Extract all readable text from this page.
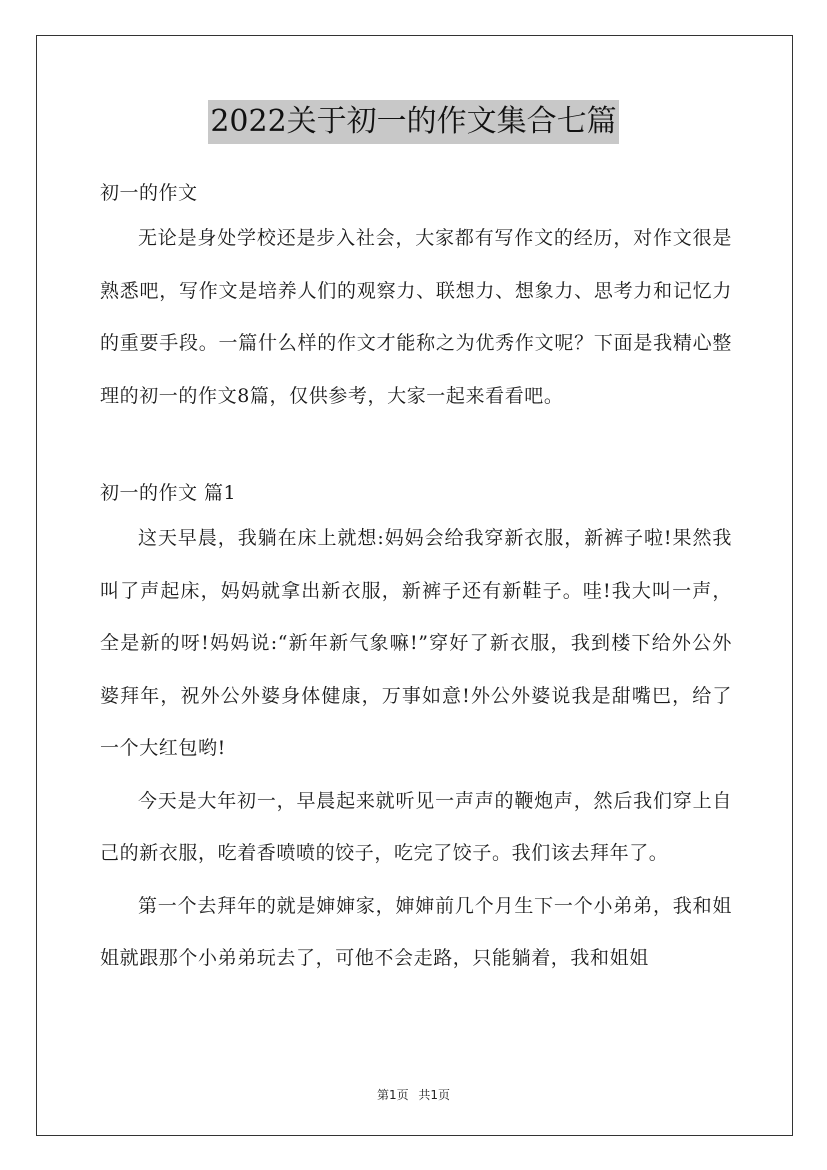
2022关于初一的作文集合七篇

初一的作文

无论是身处学校还是步入社会，大家都有写作文的经历，对作文很是熟悉吧，写作文是培养人们的观察力、联想力、想象力、思考力和记忆力的重要手段。一篇什么样的作文才能称之为优秀作文呢？下面是我精心整理的初一的作文8篇，仅供参考，大家一起来看看吧。

初一的作文 篇1

这天早晨，我躺在床上就想:妈妈会给我穿新衣服，新裤子啦!果然我叫了声起床，妈妈就拿出新衣服，新裤子还有新鞋子。哇!我大叫一声，全是新的呀!妈妈说:“新年新气象嘛!”穿好了新衣服，我到楼下给外公外婆拜年，祝外公外婆身体健康，万事如意!外公外婆说我是甜嘴巴，给了一个大红包哟!

今天是大年初一，早晨起来就听见一声声的鞭炮声，然后我们穿上自己的新衣服，吃着香喷喷的饺子，吃完了饺子。我们该去拜年了。

第一个去拜年的就是婶婶家，婶婶前几个月生下一个小弟弟，我和姐姐就跟那个小弟弟玩去了，可他不会走路，只能躺着，我和姐姐

第1页 共1页
